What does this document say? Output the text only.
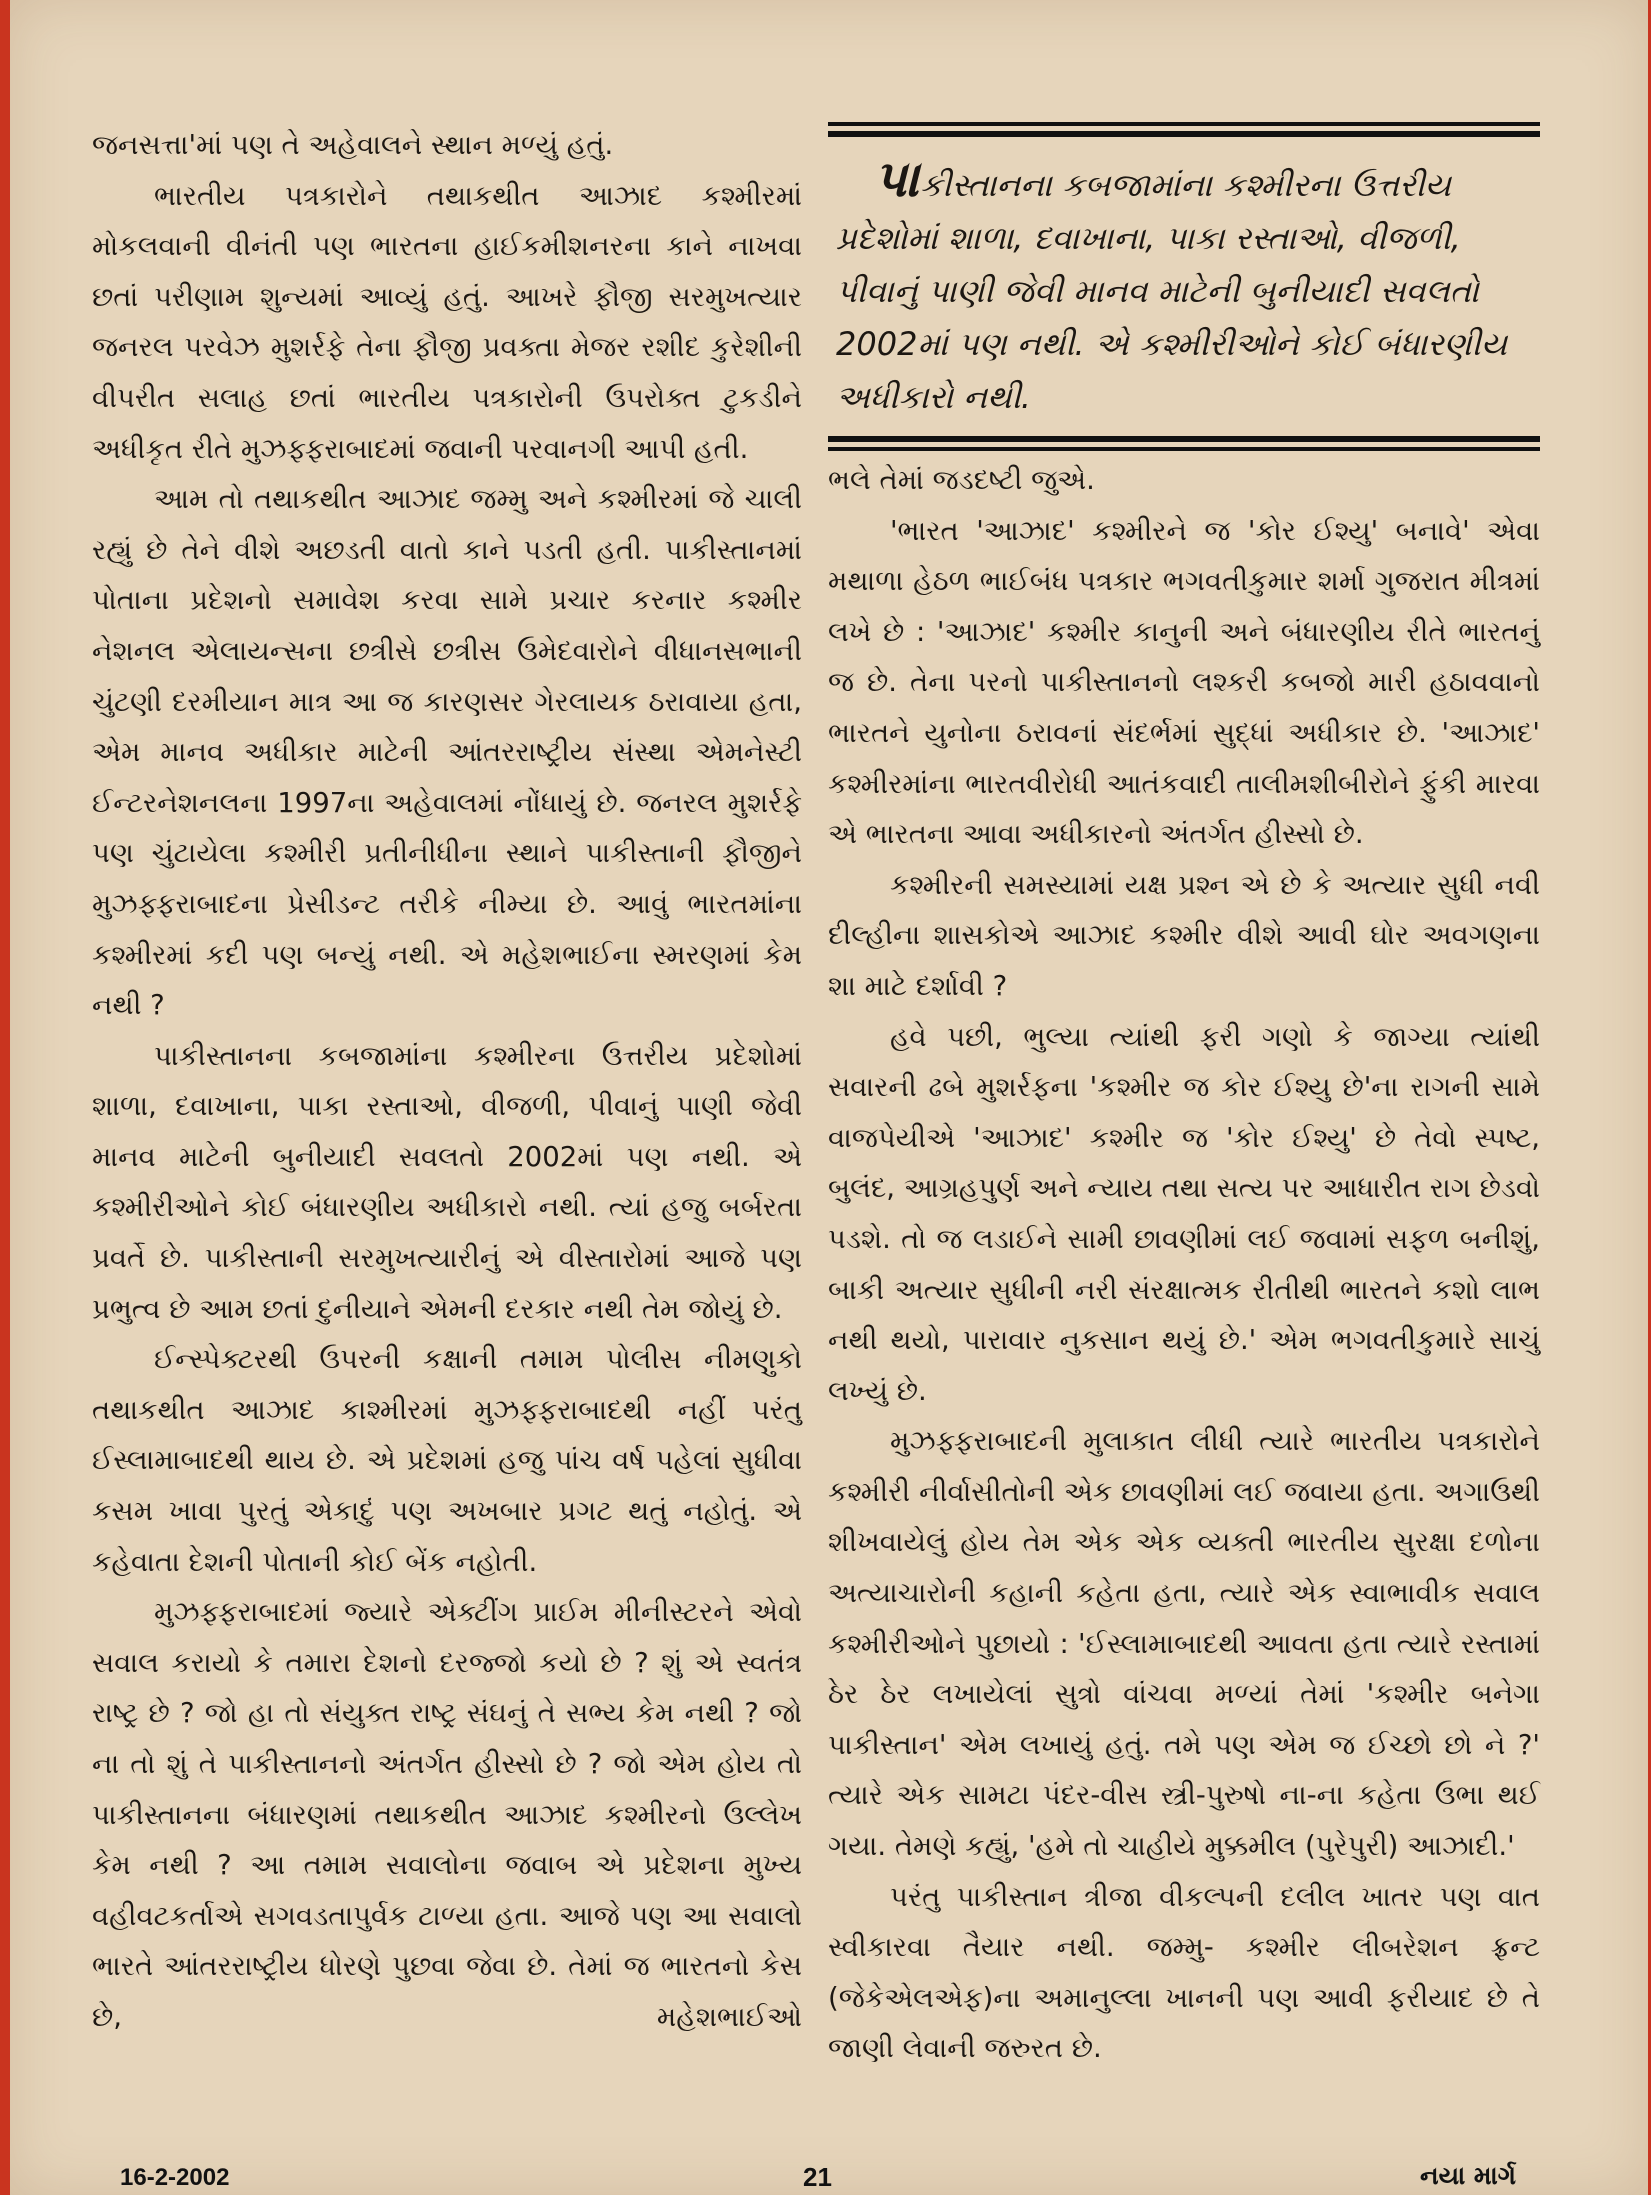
જનસત્તા'માં પણ તે અહેવાલને સ્થાન મળ્યું હતું.

ભારતીય પત્રકારોને તથાકથીત આઝાદ કશ્મીરમાં મોકલવાની વીનંતી પણ ભારતના હાઈકમીશનરના કાને નાખવા છતાં પરીણામ શુન્યમાં આવ્યું હતું. આખરે ફૌજી સરમુખત્યાર જનરલ પરવેઝ મુશર્રફે તેના ફૌજી પ્રવક્તા મેજર રશીદ કુરેશીની વીપરીત સલાહ છતાં ભારતીય પત્રકારોની ઉપરોક્ત ટુકડીને અધીકૃત રીતે મુઝફ્ફરાબાદમાં જવાની પરવાનગી આપી હતી.

આમ તો તથાકથીત આઝાદ જમ્મુ અને કશ્મીરમાં જે ચાલી રહ્યું છે તેને વીશે અછડતી વાતો કાને પડતી હતી. પાકીસ્તાનમાં પોતાના પ્રદેશનો સમાવેશ કરવા સામે પ્રચાર કરનાર કશ્મીર નેશનલ એલાયન્સના છત્રીસે છત્રીસ ઉમેદવારોને વીધાનસભાની ચુંટણી દરમીયાન માત્ર આ જ કારણસર ગેરલાયક ઠરાવાયા હતા, એમ માનવ અધીકાર માટેની આંતરરાષ્ટ્રીય સંસ્થા એમનેસ્ટી ઈન્ટરનેશનલના 1997ના અહેવાલમાં નોંધાયું છે. જનરલ મુશર્રફે પણ ચુંટાયેલા કશ્મીરી પ્રતીનીધીના સ્થાને પાકીસ્તાની ફૌજીને મુઝફ્ફરાબાદના પ્રેસીડન્ટ તરીકે નીમ્યા છે. આવું ભારતમાંના કશ્મીરમાં કદી પણ બન્યું નથી. એ મહેશભાઈના સ્મરણમાં કેમ નથી ?

પાકીસ્તાનના કબજામાંના કશ્મીરના ઉત્તરીય પ્રદેશોમાં શાળા, દવાખાના, પાકા રસ્તાઓ, વીજળી, પીવાનું પાણી જેવી માનવ માટેની બુનીયાદી સવલતો 2002માં પણ નથી. એ કશ્મીરીઓને કોઈ બંધારણીય અધીકારો નથી. ત્યાં હજુ બર્બરતા પ્રવર્તે છે. પાકીસ્તાની સરમુખત્યારીનું એ વીસ્તારોમાં આજે પણ પ્રભુત્વ છે આમ છતાં દુનીયાને એમની દરકાર નથી તેમ જોયું છે.

ઈન્સ્પેક્ટરથી ઉપરની કક્ષાની તમામ પોલીસ નીમણુકો તથાકથીત આઝાદ કાશ્મીરમાં મુઝફ્ફરાબાદથી નહીં પરંતુ ઈસ્લામાબાદથી થાય છે. એ પ્રદેશમાં હજુ પાંચ વર્ષ પહેલાં સુધીવા કસમ ખાવા પુરતું એકાદું પણ અખબાર પ્રગટ થતું નહોતું. એ કહેવાતા દેશની પોતાની કોઈ બેંક નહોતી.

મુઝફ્ફરાબાદમાં જ્યારે એક્ટીંગ પ્રાઈમ મીનીસ્ટરને એવો સવાલ કરાયો કે તમારા દેશનો દરજ્જો કયો છે ? શું એ સ્વતંત્ર રાષ્ટ્ર છે ? જો હા તો સંયુક્ત રાષ્ટ્ર સંઘનું તે સભ્ય કેમ નથી ? જો ના તો શું તે પાકીસ્તાનનો અંતર્ગત હીસ્સો છે ? જો એમ હોય તો પાકીસ્તાનના બંધારણમાં તથાકથીત આઝાદ કશ્મીરનો ઉલ્લેખ કેમ નથી ? આ તમામ સવાલોના જવાબ એ પ્રદેશના મુખ્ય વહીવટકર્તાએ સગવડતાપુર્વક ટાળ્યા હતા. આજે પણ આ સવાલો ભારતે આંતરરાષ્ટ્રીય ધોરણે પુછવા જેવા છે. તેમાં જ ભારતનો કેસ છે, મહેશભાઈઓ

પાકીસ્તાનના કબજામાંના કશ્મીરના ઉત્તરીય પ્રદેશોમાં શાળા, દવાખાના, પાકા રસ્તાઓ, વીજળી, પીવાનું પાણી જેવી માનવ માટેની બુનીયાદી સવલતો 2002માં પણ નથી. એ કશ્મીરીઓને કોઈ બંધારણીય અધીકારો નથી.

ભલે તેમાં જડદષ્ટી જુએ.

'ભારત 'આઝાદ' કશ્મીરને જ 'કોર ઈશ્યુ' બનાવે' એવા મથાળા હેઠળ ભાઈબંધ પત્રકાર ભગવતીકુમાર શર્મા ગુજરાત મીત્રમાં લખે છે : 'આઝાદ' કશ્મીર કાનુની અને બંધારણીય રીતે ભારતનું જ છે. તેના પરનો પાકીસ્તાનનો લશ્કરી કબજો મારી હઠાવવાનો ભારતને યુનોના ઠરાવનાં સંદર્ભમાં સુદ્ધાં અધીકાર છે. 'આઝાદ' કશ્મીરમાંના ભારતવીરોધી આતંકવાદી તાલીમશીબીરોને ફુંકી મારવા એ ભારતના આવા અધીકારનો અંતર્ગત હીસ્સો છે.

કશ્મીરની સમસ્યામાં યક્ષ પ્રશ્ન એ છે કે અત્યાર સુધી નવી દીલ્હીના શાસકોએ આઝાદ કશ્મીર વીશે આવી ઘોર અવગણના શા માટે દર્શાવી ?

હવે પછી, ભુલ્યા ત્યાંથી ફરી ગણો કે જાગ્યા ત્યાંથી સવારની ઢબે મુશર્રફના 'કશ્મીર જ કોર ઈશ્યુ છે'ના રાગની સામે વાજપેયીએ 'આઝાદ' કશ્મીર જ 'કોર ઈશ્યુ' છે તેવો સ્પષ્ટ, બુલંદ, આગ્રહપુર્ણ અને ન્યાય તથા સત્ય પર આધારીત રાગ છેડવો પડશે. તો જ લડાઈને સામી છાવણીમાં લઈ જવામાં સફળ બનીશું, બાકી અત્યાર સુધીની નરી સંરક્ષાત્મક રીતીથી ભારતને કશો લાભ નથી થયો, પારાવાર નુકસાન થયું છે.' એમ ભગવતીકુમારે સાચું લખ્યું છે.

મુઝફ્ફરાબાદની મુલાકાત લીધી ત્યારે ભારતીય પત્રકારોને કશ્મીરી નીર્વાસીતોની એક છાવણીમાં લઈ જવાયા હતા. અગાઉથી શીખવાયેલું હોય તેમ એક એક વ્યક્તી ભારતીય સુરક્ષા દળોના અત્યાચારોની કહાની કહેતા હતા, ત્યારે એક સ્વાભાવીક સવાલ કશ્મીરીઓને પુછાયો : 'ઈસ્લામાબાદથી આવતા હતા ત્યારે રસ્તામાં ઠેર ઠેર લખાયેલાં સુત્રો વાંચવા મળ્યાં તેમાં 'કશ્મીર બનેગા પાકીસ્તાન' એમ લખાયું હતું. તમે પણ એમ જ ઈચ્છો છો ને ?' ત્યારે એક સામટા પંદર-વીસ સ્ત્રી-પુરુષો ના-ના કહેતા ઉભા થઈ ગયા. તેમણે કહ્યું, 'હમે તો ચાહીયે મુક્કમીલ (પુરેપુરી) આઝાદી.'

પરંતુ પાકીસ્તાન ત્રીજા વીકલ્પની દલીલ ખાતર પણ વાત સ્વીકારવા તૈયાર નથી. જમ્મુ- કશ્મીર લીબરેશન ફ્રન્ટ (જેકેએલએફ)ના અમાનુલ્લા ખાનની પણ આવી ફરીયાદ છે તે જાણી લેવાની જરુરત છે.

16-2-2002	21	નયા માર્ગ
